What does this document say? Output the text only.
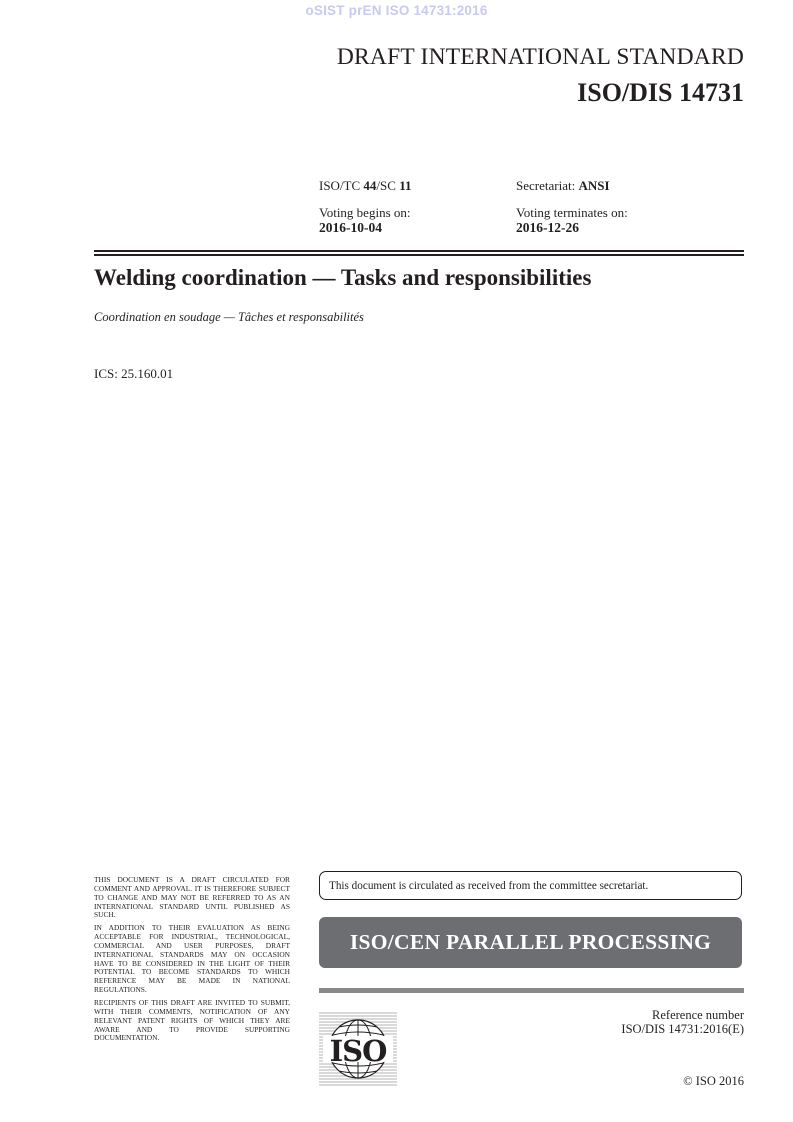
oSIST prEN ISO 14731:2016
DRAFT INTERNATIONAL STANDARD
ISO/DIS 14731
ISO/TC 44/SC 11	Secretariat: ANSI
Voting begins on:
2016-10-04
Voting terminates on:
2016-12-26
Welding coordination — Tasks and responsibilities
Coordination en soudage — Tâches et responsabilités
ICS: 25.160.01

THIS DOCUMENT IS A DRAFT CIRCULATED FOR COMMENT AND APPROVAL. IT IS THEREFORE SUBJECT TO CHANGE AND MAY NOT BE REFERRED TO AS AN INTERNATIONAL STANDARD UNTIL PUBLISHED AS SUCH.

IN ADDITION TO THEIR EVALUATION AS BEING ACCEPTABLE FOR INDUSTRIAL, TECHNOLOGICAL, COMMERCIAL AND USER PURPOSES, DRAFT INTERNATIONAL STANDARDS MAY ON OCCASION HAVE TO BE CONSIDERED IN THE LIGHT OF THEIR POTENTIAL TO BECOME STANDARDS TO WHICH REFERENCE MAY BE MADE IN NATIONAL REGULATIONS.

RECIPIENTS OF THIS DRAFT ARE INVITED TO SUBMIT, WITH THEIR COMMENTS, NOTIFICATION OF ANY RELEVANT PATENT RIGHTS OF WHICH THEY ARE AWARE AND TO PROVIDE SUPPORTING DOCUMENTATION.

This document is circulated as received from the committee secretariat.
ISO/CEN PARALLEL PROCESSING
ISO
Reference number
ISO/DIS 14731:2016(E)
© ISO 2016
